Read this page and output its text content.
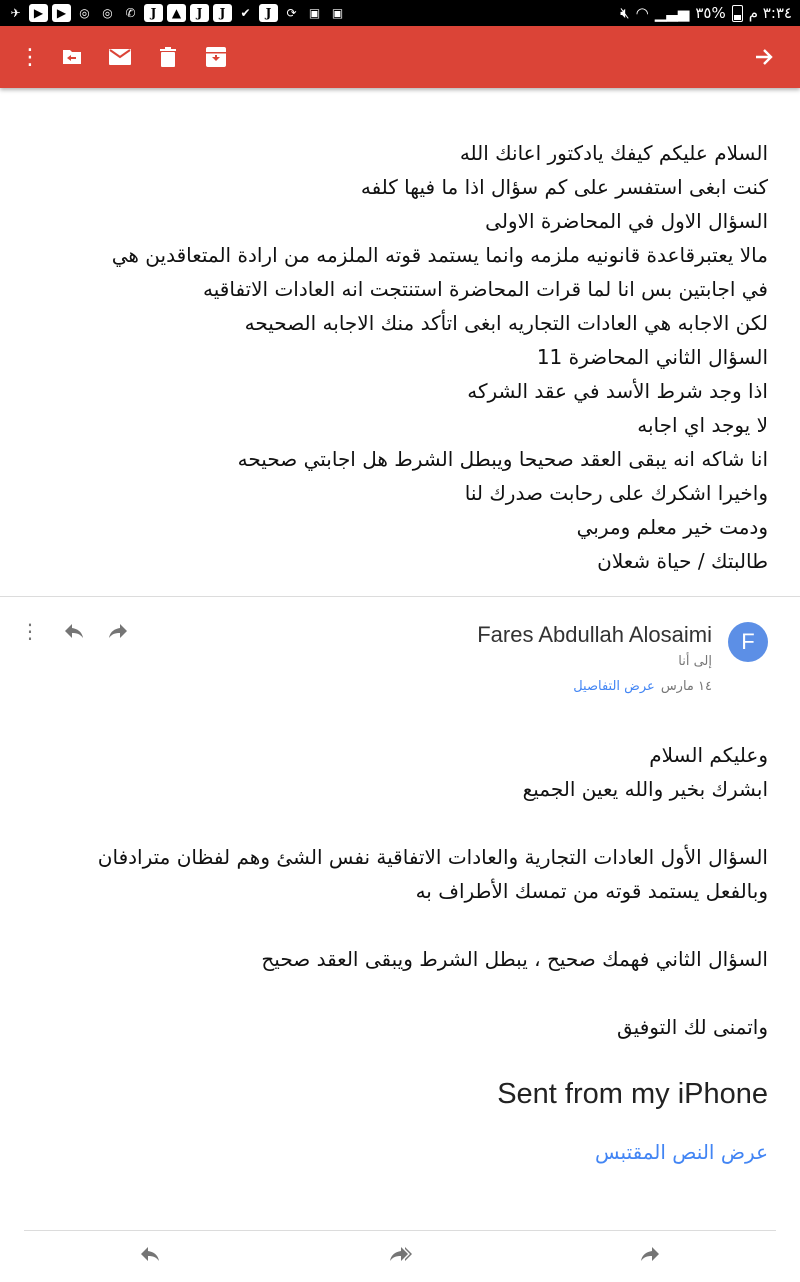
✈	▶	▶	◎	◎	✆	J	▲	J	J	✔	J	⟳	▣ ▣	🔇︎ ◠ ▁▃▅ ٣٥% ٣:٣٤ م
⋮
السلام عليكم كيفك يادكتور اعانك الله
كنت ابغى استفسر على كم سؤال اذا ما فيها كلفه
السؤال الاول في المحاضرة الاولى
مالا يعتبرقاعدة قانونيه ملزمه وانما يستمد قوته الملزمه من ارادة المتعاقدين هي
في اجابتين بس انا لما قرات المحاضرة استنتجت انه العادات الاتفاقيه
لكن الاجابه هي العادات التجاريه ابغى اتأكد منك الاجابه الصحيحه
السؤال الثاني المحاضرة 11
اذا وجد شرط الأسد في عقد الشركه
لا يوجد اي اجابه
انا شاكه انه يبقى العقد صحيحا ويبطل الشرط هل اجابتي صحيحه
واخيرا اشكرك على رحابت صدرك لنا
ودمت خير معلم ومربي
طالبتك / حياة شعلان
⋮	F
Fares Abdullah Alosaimi
إلى أنا
١٤ مارس
عرض التفاصيل
وعليكم السلام
ابشرك بخير والله يعين الجميع
السؤال الأول العادات التجارية والعادات الاتفاقية نفس الشئ وهم لفظان مترادفان
وبالفعل يستمد قوته من تمسك الأطراف به
السؤال الثاني فهمك صحيح ، يبطل الشرط ويبقى العقد صحيح
واتمنى لك التوفيق
Sent from my iPhone
عرض النص المقتبس
